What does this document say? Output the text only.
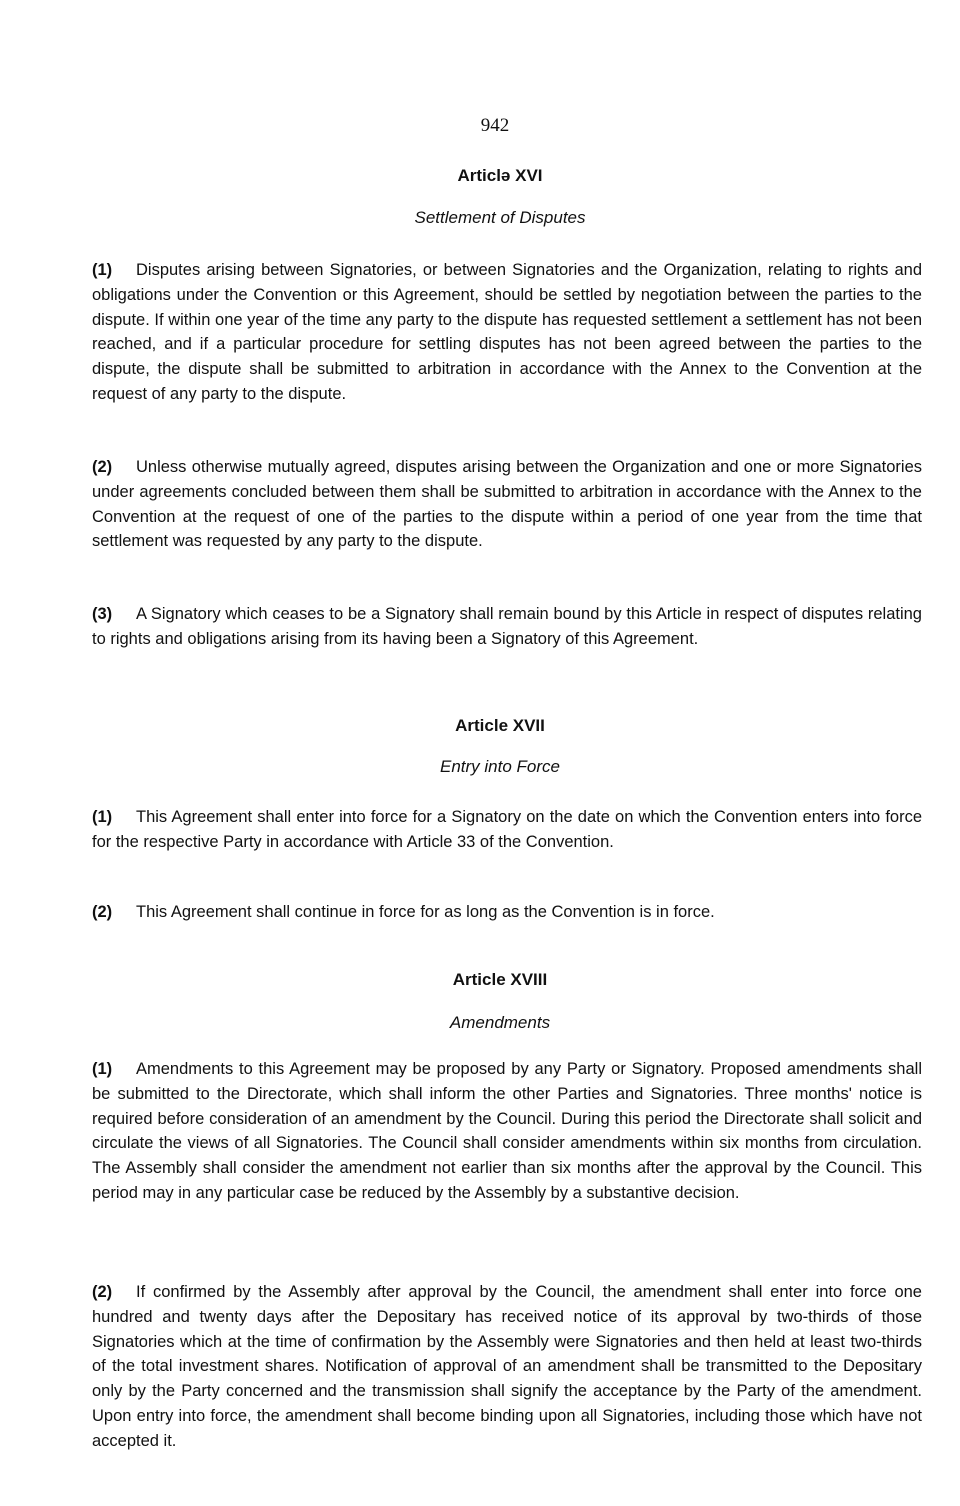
942
Articlə XVI
Settlement of Disputes
(1) Disputes arising between Signatories, or between Signatories and the Organization, relating to rights and obligations under the Convention or this Agreement, should be settled by negotiation between the parties to the dispute. If within one year of the time any party to the dispute has requested settlement a settlement has not been reached, and if a particular procedure for settling disputes has not been agreed between the parties to the dispute, the dispute shall be submitted to arbitration in accordance with the Annex to the Convention at the request of any party to the dispute.
(2) Unless otherwise mutually agreed, disputes arising between the Organization and one or more Signatories under agreements concluded between them shall be submitted to arbitration in accordance with the Annex to the Convention at the request of one of the parties to the dispute within a period of one year from the time that settlement was requested by any party to the dispute.
(3) A Signatory which ceases to be a Signatory shall remain bound by this Article in respect of disputes relating to rights and obligations arising from its having been a Signatory of this Agreement.
Article XVII
Entry into Force
(1) This Agreement shall enter into force for a Signatory on the date on which the Convention enters into force for the respective Party in accordance with Article 33 of the Convention.
(2) This Agreement shall continue in force for as long as the Convention is in force.
Article XVIII
Amendments
(1) Amendments to this Agreement may be proposed by any Party or Signatory. Proposed amendments shall be submitted to the Directorate, which shall inform the other Parties and Signatories. Three months' notice is required before consideration of an amendment by the Council. During this period the Directorate shall solicit and circulate the views of all Signatories. The Council shall consider amendments within six months from circulation. The Assembly shall consider the amendment not earlier than six months after the approval by the Council. This period may in any particular case be reduced by the Assembly by a substantive decision.
(2) If confirmed by the Assembly after approval by the Council, the amendment shall enter into force one hundred and twenty days after the Depositary has received notice of its approval by two-thirds of those Signatories which at the time of confirmation by the Assembly were Signatories and then held at least two-thirds of the total investment shares. Notification of approval of an amendment shall be transmitted to the Depositary only by the Party concerned and the transmission shall signify the acceptance by the Party of the amendment. Upon entry into force, the amendment shall become binding upon all Signatories, including those which have not accepted it.
